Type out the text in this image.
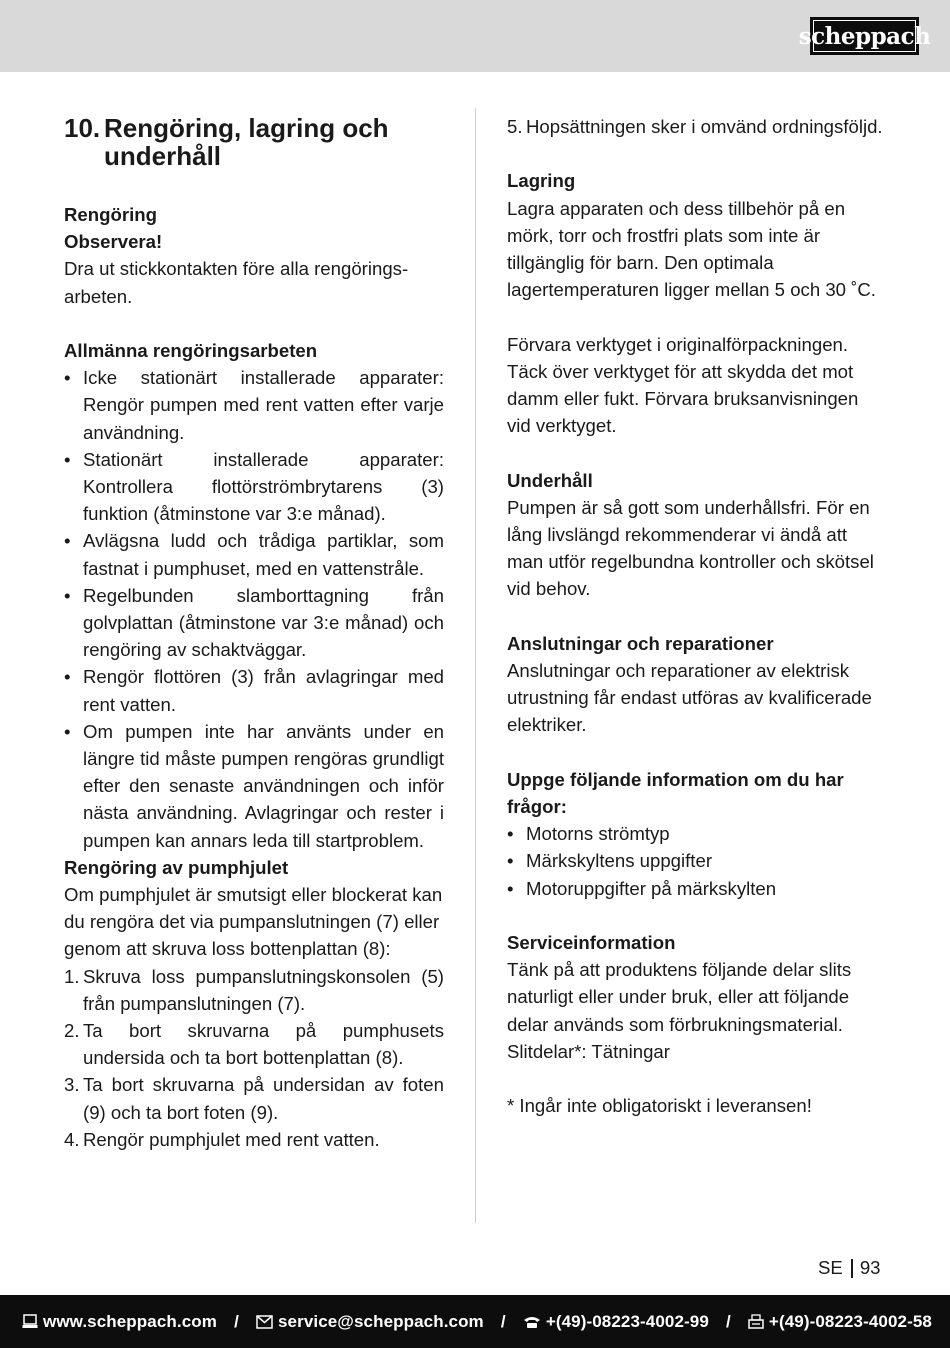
scheppach
10. Rengöring, lagring och underhåll
Rengöring
Observera!
Dra ut stickkontakten före alla rengörings-arbeten.
Allmänna rengöringsarbeten
• Icke stationärt installerade apparater: Rengör pumpen med rent vatten efter varje användning.
• Stationärt installerade apparater: Kontrollera flottörströmbrytarens (3) funktion (åtminstone var 3:e månad).
• Avlägsna ludd och trådiga partiklar, som fastnat i pumphuset, med en vattenstråle.
• Regelbunden slamborttagning från golvplattan (åtminstone var 3:e månad) och rengöring av schaktväggar.
• Rengör flottören (3) från avlagringar med rent vatten.
• Om pumpen inte har använts under en längre tid måste pumpen rengöras grundligt efter den senaste användningen och inför nästa användning. Avlagringar och rester i pumpen kan annars leda till startproblem.
Rengöring av pumphjulet
Om pumphjulet är smutsigt eller blockerat kan du rengöra det via pumpanslutningen (7) eller genom att skruva loss bottenplattan (8):
1. Skruva loss pumpanslutningskonsolen (5) från pumpanslutningen (7).
2. Ta bort skruvarna på pumphusets undersida och ta bort bottenplattan (8).
3. Ta bort skruvarna på undersidan av foten (9) och ta bort foten (9).
4. Rengör pumphjulet med rent vatten.
5. Hopsättningen sker i omvänd ordningsföljd.
Lagring
Lagra apparaten och dess tillbehör på en mörk, torr och frostfri plats som inte är tillgänglig för barn. Den optimala lagertemperaturen ligger mellan 5 och 30 ˚C.
Förvara verktyget i originalförpackningen. Täck över verktyget för att skydda det mot damm eller fukt. Förvara bruksanvisningen vid verktyget.
Underhåll
Pumpen är så gott som underhållsfri. För en lång livslängd rekommenderar vi ändå att man utför regelbundna kontroller och skötsel vid behov.
Anslutningar och reparationer
Anslutningar och reparationer av elektrisk utrustning får endast utföras av kvalificerade elektriker.
Uppge följande information om du har frågor:
• Motorns strömtyp
• Märkskyltens uppgifter
• Motoruppgifter på märkskylten
Serviceinformation
Tänk på att produktens följande delar slits naturligt eller under bruk, eller att följande delar används som förbrukningsmaterial.
Slitdelar*: Tätningar
* Ingår inte obligatoriskt i leveransen!
SE 93
www.scheppach.com / service@scheppach.com / +(49)-08223-4002-99 / +(49)-08223-4002-58
